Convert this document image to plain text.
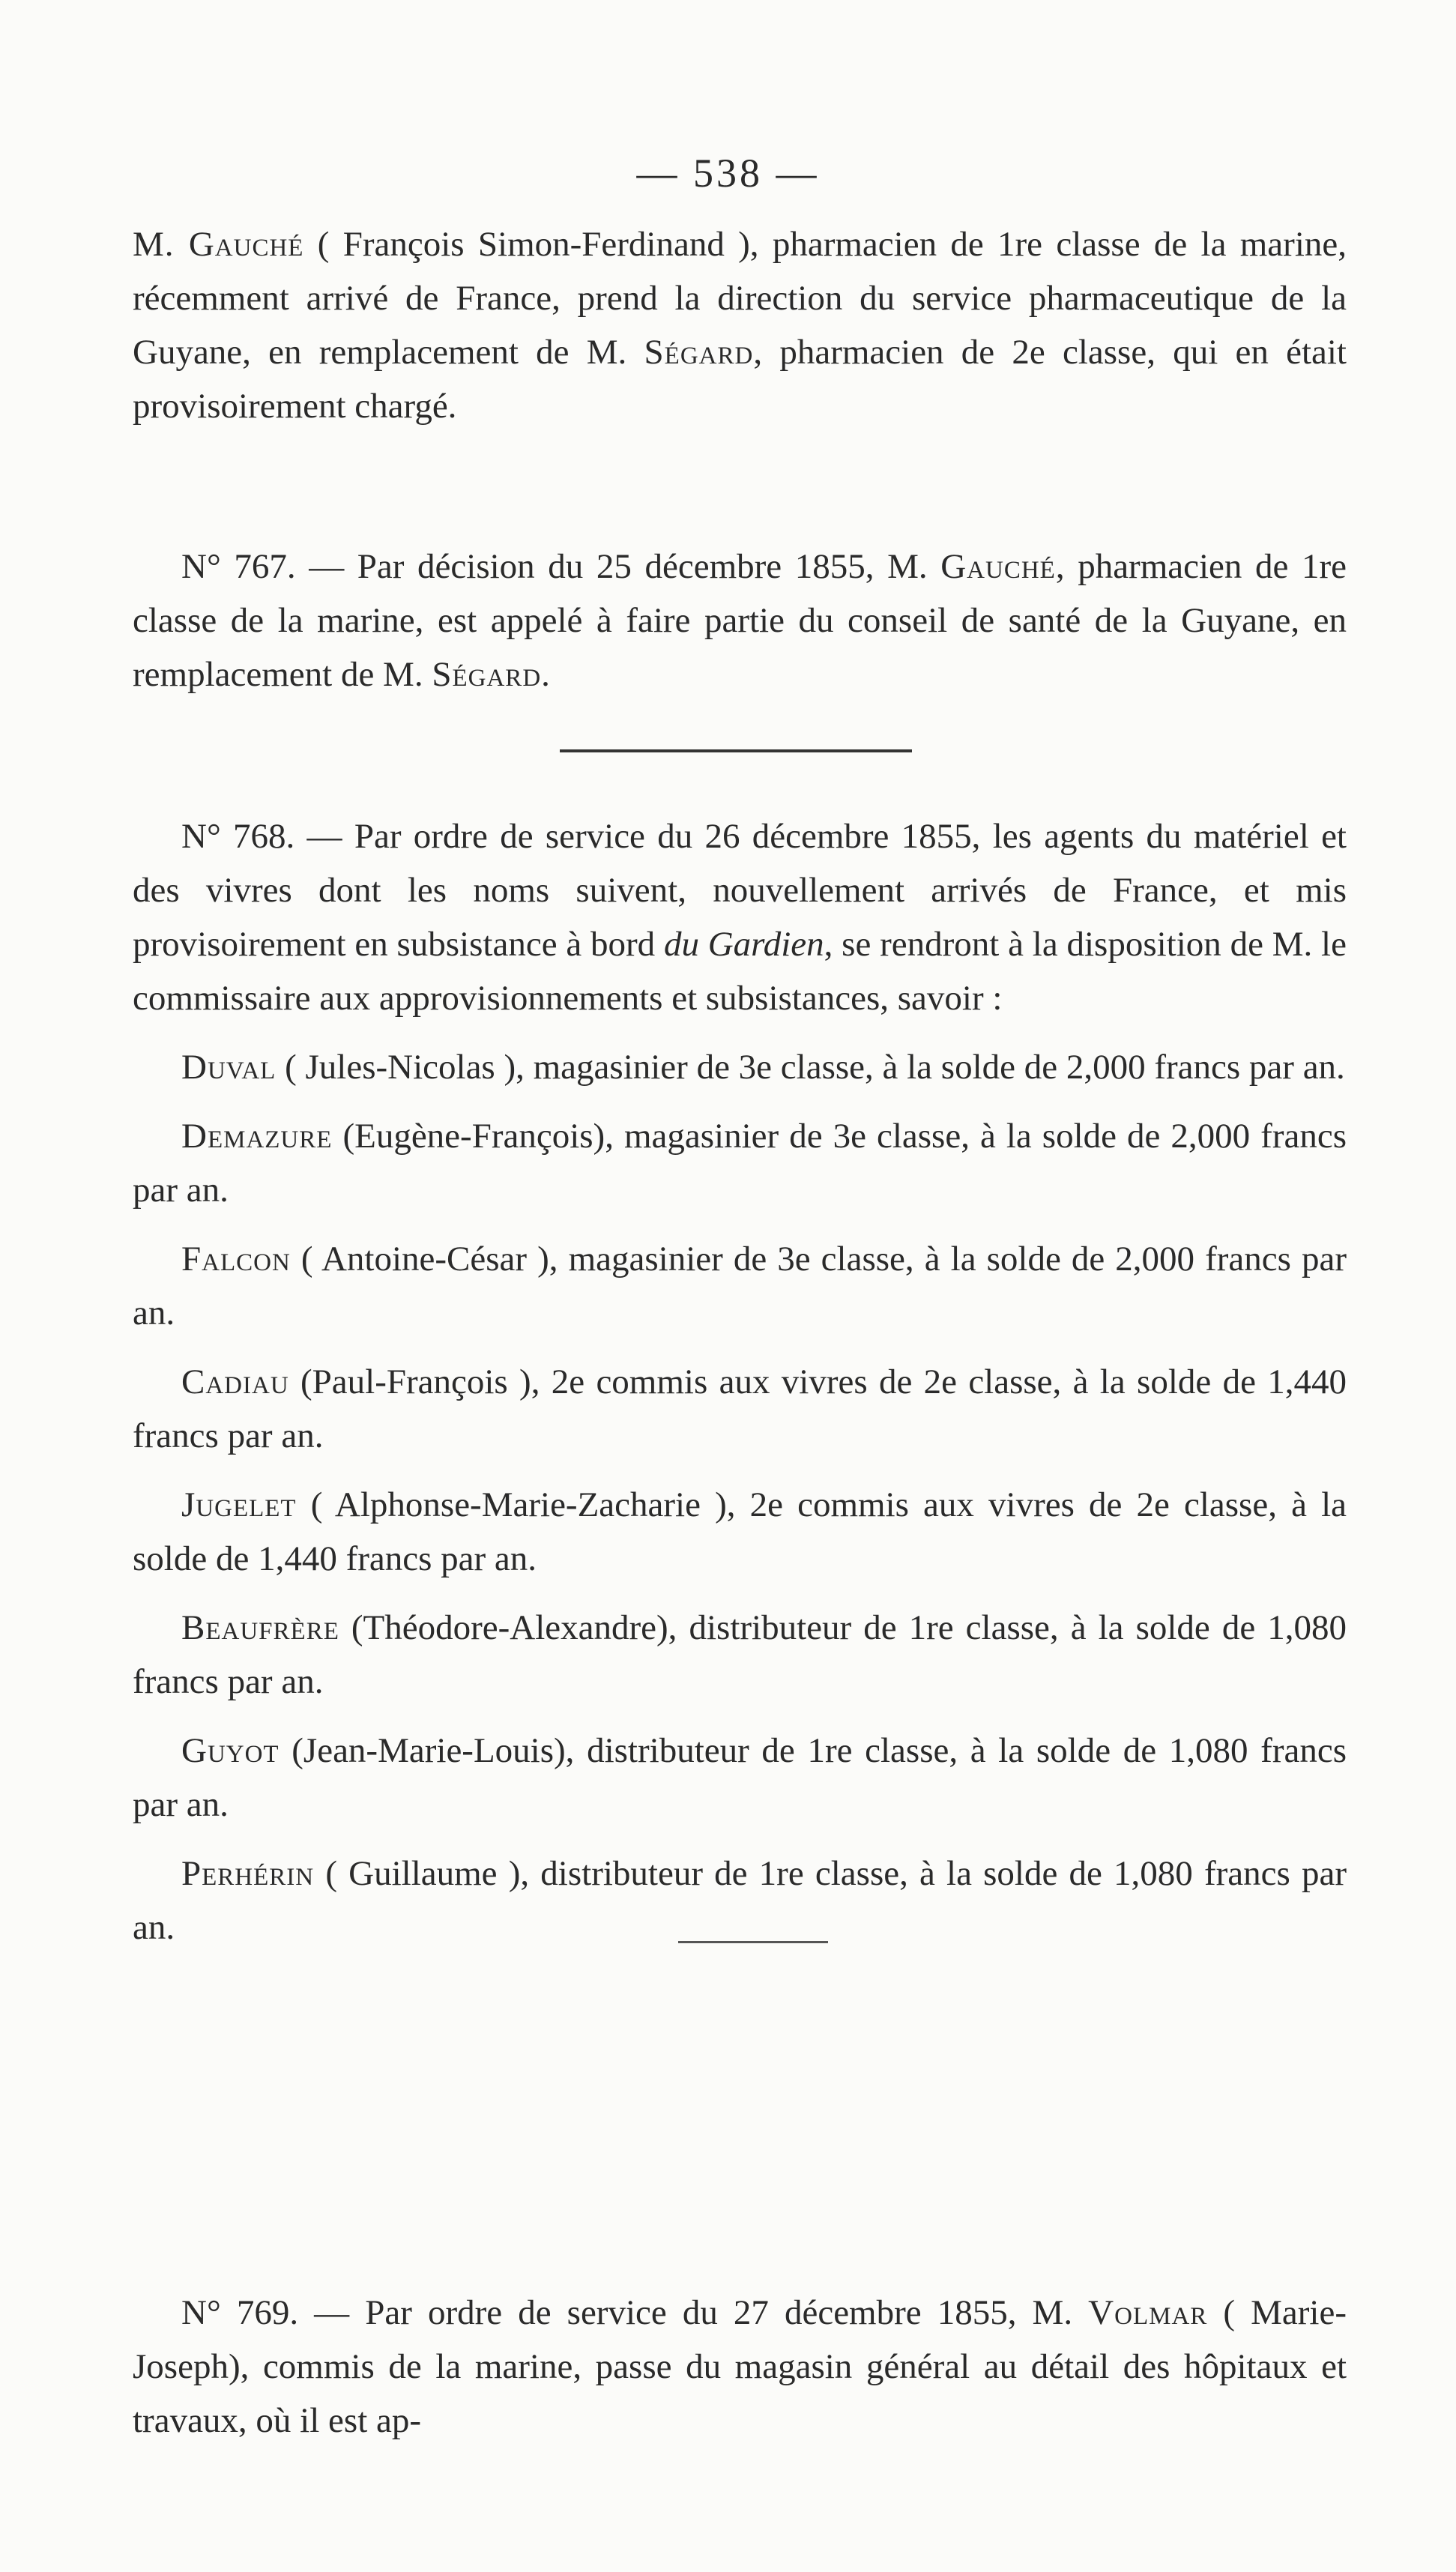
— 538 —

M. Gauché ( François Simon-Ferdinand ), pharmacien de 1re classe de la marine, récemment arrivé de France, prend la direction du service pharmaceutique de la Guyane, en remplacement de M. Ségard, pharmacien de 2e classe, qui en était provisoirement chargé.

N° 767. — Par décision du 25 décembre 1855, M. Gauché, pharmacien de 1re classe de la marine, est appelé à faire partie du conseil de santé de la Guyane, en remplacement de M. Ségard.

N° 768. — Par ordre de service du 26 décembre 1855, les agents du matériel et des vivres dont les noms suivent, nouvellement arrivés de France, et mis provisoirement en subsistance à bord du Gardien, se rendront à la disposition de M. le commissaire aux approvisionnements et subsistances, savoir :

Duval ( Jules-Nicolas ), magasinier de 3e classe, à la solde de 2,000 francs par an.

Demazure (Eugène-François), magasinier de 3e classe, à la solde de 2,000 francs par an.

Falcon ( Antoine-César ), magasinier de 3e classe, à la solde de 2,000 francs par an.

Cadiau (Paul-François ), 2e commis aux vivres de 2e classe, à la solde de 1,440 francs par an.

Jugelet ( Alphonse-Marie-Zacharie ), 2e commis aux vivres de 2e classe, à la solde de 1,440 francs par an.

Beaufrère (Théodore-Alexandre), distributeur de 1re classe, à la solde de 1,080 francs par an.

Guyot (Jean-Marie-Louis), distributeur de 1re classe, à la solde de 1,080 francs par an.

Perhérin ( Guillaume ), distributeur de 1re classe, à la solde de 1,080 francs par an.

N° 769. — Par ordre de service du 27 décembre 1855, M. Volmar ( Marie-Joseph), commis de la marine, passe du magasin général au détail des hôpitaux et travaux, où il est ap-
